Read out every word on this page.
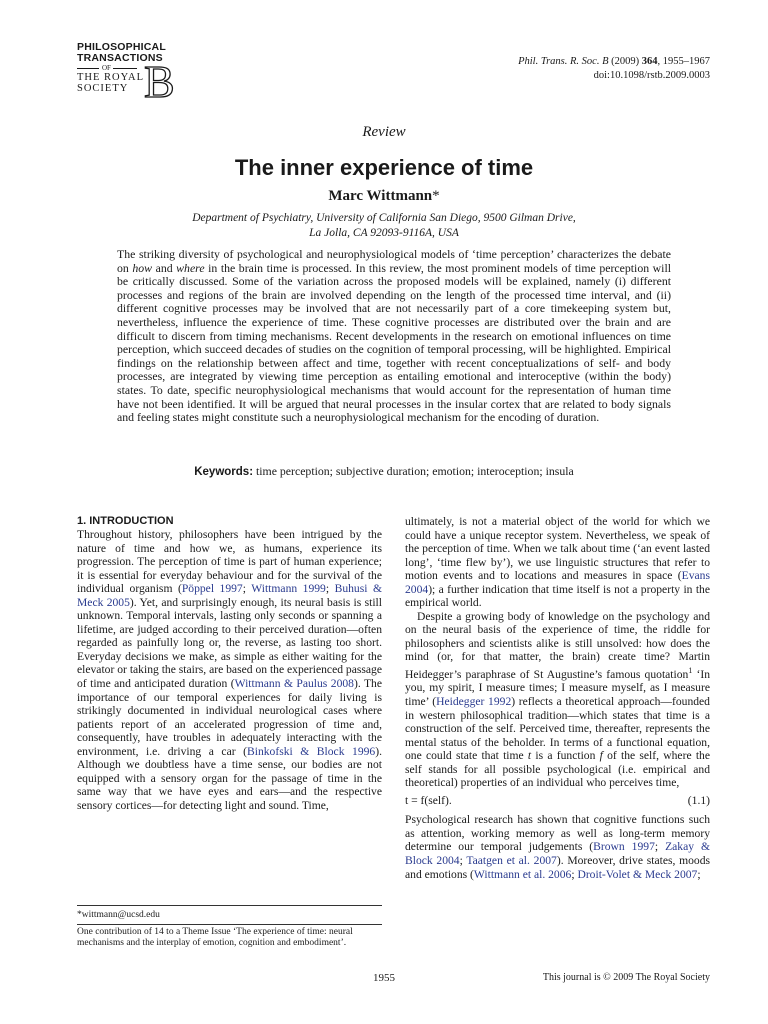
PHILOSOPHICAL
TRANSACTIONS
OF
THE ROYAL
SOCIETY B	Phil. Trans. R. Soc. B (2009) 364, 1955–1967
doi:10.1098/rstb.2009.0003
Review
The inner experience of time
Marc Wittmann*
Department of Psychiatry, University of California San Diego, 9500 Gilman Drive,
La Jolla, CA 92093-9116A, USA
The striking diversity of psychological and neurophysiological models of ‘time perception’ characterizes the debate on how and where in the brain time is processed. In this review, the most prominent models of time perception will be critically discussed. Some of the variation across the proposed models will be explained, namely (i) different processes and regions of the brain are involved depending on the length of the processed time interval, and (ii) different cognitive processes may be involved that are not necessarily part of a core timekeeping system but, nevertheless, influence the experience of time. These cognitive processes are distributed over the brain and are difficult to discern from timing mechanisms. Recent developments in the research on emotional influences on time perception, which succeed decades of studies on the cognition of temporal processing, will be highlighted. Empirical findings on the relationship between affect and time, together with recent conceptualizations of self- and body processes, are integrated by viewing time perception as entailing emotional and interoceptive (within the body) states. To date, specific neurophysiological mechanisms that would account for the representation of human time have not been identified. It will be argued that neural processes in the insular cortex that are related to body signals and feeling states might constitute such a neurophysiological mechanism for the encoding of duration.
Keywords: time perception; subjective duration; emotion; interoception; insula
1. INTRODUCTION

Throughout history, philosophers have been intrigued by the nature of time and how we, as humans, experience its progression. The perception of time is part of human experience; it is essential for everyday behaviour and for the survival of the individual organism (Pöppel 1997; Wittmann 1999; Buhusi & Meck 2005). Yet, and surprisingly enough, its neural basis is still unknown. Temporal intervals, lasting only seconds or spanning a lifetime, are judged according to their perceived duration—often regarded as painfully long or, the reverse, as lasting too short. Everyday decisions we make, as simple as either waiting for the elevator or taking the stairs, are based on the experienced passage of time and anticipated duration (Wittmann & Paulus 2008). The importance of our temporal experiences for daily living is strikingly documented in individual neurological cases where patients report of an accelerated progression of time and, consequently, have troubles in adequately interacting with the environment, i.e. driving a car (Binkofski & Block 1996). Although we doubtless have a time sense, our bodies are not equipped with a sensory organ for the passage of time in the same way that we have eyes and ears—and the respective sensory cortices—for detecting light and sound. Time,

ultimately, is not a material object of the world for which we could have a unique receptor system. Nevertheless, we speak of the perception of time. When we talk about time (‘an event lasted long’, ‘time flew by’), we use linguistic structures that refer to motion events and to locations and measures in space (Evans 2004); a further indication that time itself is not a property in the empirical world.

Despite a growing body of knowledge on the psychology and on the neural basis of the experience of time, the riddle for philosophers and scientists alike is still unsolved: how does the mind (or, for that matter, the brain) create time? Martin Heidegger’s paraphrase of St Augustine’s famous quotation$^1$ ‘In you, my spirit, I measure times; I measure myself, as I measure time’ (Heidegger 1992) reflects a theoretical approach—founded in western philosophical tradition—which states that time is a construction of the self. Perceived time, thereafter, represents the mental status of the beholder. In terms of a functional equation, one could state that time t is a function f of the self, where the self stands for all possible psychological (i.e. empirical and theoretical) properties of an individual who perceives time,

t = f(self).	(1.1)

Psychological research has shown that cognitive functions such as attention, working memory as well as long-term memory determine our temporal judgements (Brown 1997; Zakay & Block 2004; Taatgen et al. 2007). Moreover, drive states, moods and emotions (Wittmann et al. 2006; Droit-Volet & Meck 2007;

*wittmann@ucsd.edu
One contribution of 14 to a Theme Issue ‘The experience of time: neural mechanisms and the interplay of emotion, cognition and embodiment’.
1955	This journal is © 2009 The Royal Society
